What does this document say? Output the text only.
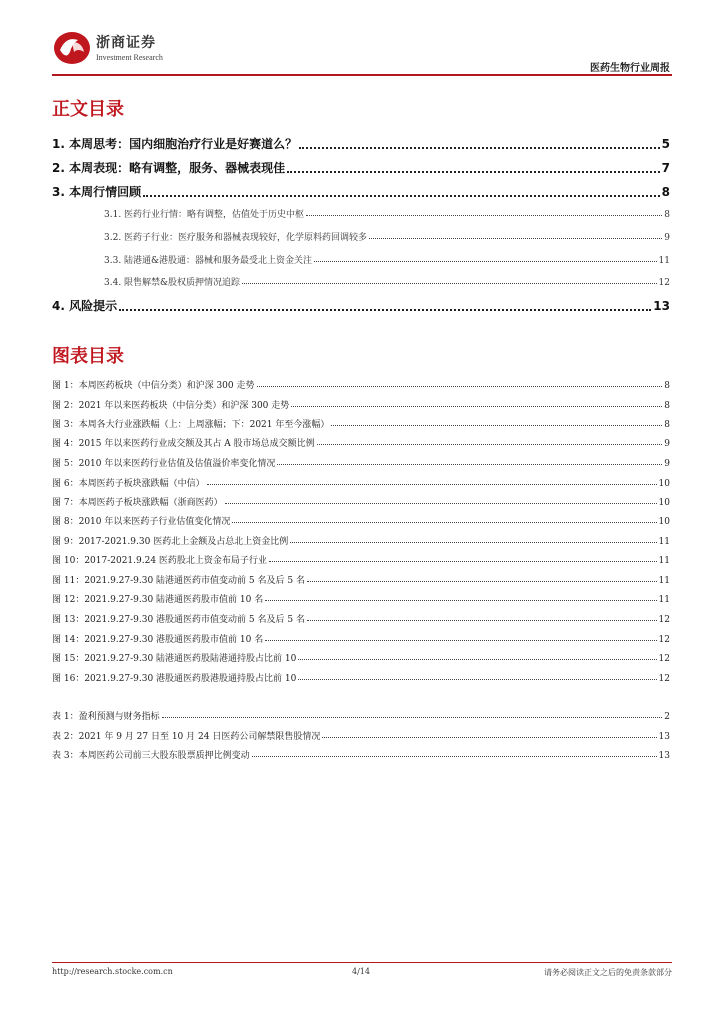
浙商证券
Investment Research
医药生物行业周报
正文目录
1. 本周思考：国内细胞治疗行业是好赛道么？	5
2. 本周表现：略有调整，服务、器械表现佳	7
3. 本周行情回顾	8
3.1. 医药行业行情：略有调整，估值处于历史中枢	8
3.2. 医药子行业：医疗服务和器械表现较好，化学原料药回调较多	9
3.3. 陆港通&港股通：器械和服务最受北上资金关注	11
3.4. 限售解禁&股权质押情况追踪	12
4. 风险提示	13
图表目录
图 1：本周医药板块（中信分类）和沪深 300 走势	8
图 2：2021 年以来医药板块（中信分类）和沪深 300 走势	8
图 3：本周各大行业涨跌幅（上：上周涨幅；下：2021 年至今涨幅）	8
图 4：2015 年以来医药行业成交额及其占 A 股市场总成交额比例	9
图 5：2010 年以来医药行业估值及估值溢价率变化情况	9
图 6：本周医药子板块涨跌幅（中信）	10
图 7：本周医药子板块涨跌幅（浙商医药）	10
图 8：2010 年以来医药子行业估值变化情况	10
图 9：2017-2021.9.30 医药北上金额及占总北上资金比例	11
图 10：2017-2021.9.24 医药股北上资金布局子行业	11
图 11：2021.9.27-9.30 陆港通医药市值变动前 5 名及后 5 名	11
图 12：2021.9.27-9.30 陆港通医药股市值前 10 名	11
图 13：2021.9.27-9.30 港股通医药市值变动前 5 名及后 5 名	12
图 14：2021.9.27-9.30 港股通医药股市值前 10 名	12
图 15：2021.9.27-9.30 陆港通医药股陆港通持股占比前 10	12
图 16：2021.9.27-9.30 港股通医药股港股通持股占比前 10	12
表 1：盈利预测与财务指标	2
表 2：2021 年 9 月 27 日至 10 月 24 日医药公司解禁限售股情况	13
表 3：本周医药公司前三大股东股票质押比例变动	13
http://research.stocke.com.cn	4/14	请务必阅读正文之后的免责条款部分
